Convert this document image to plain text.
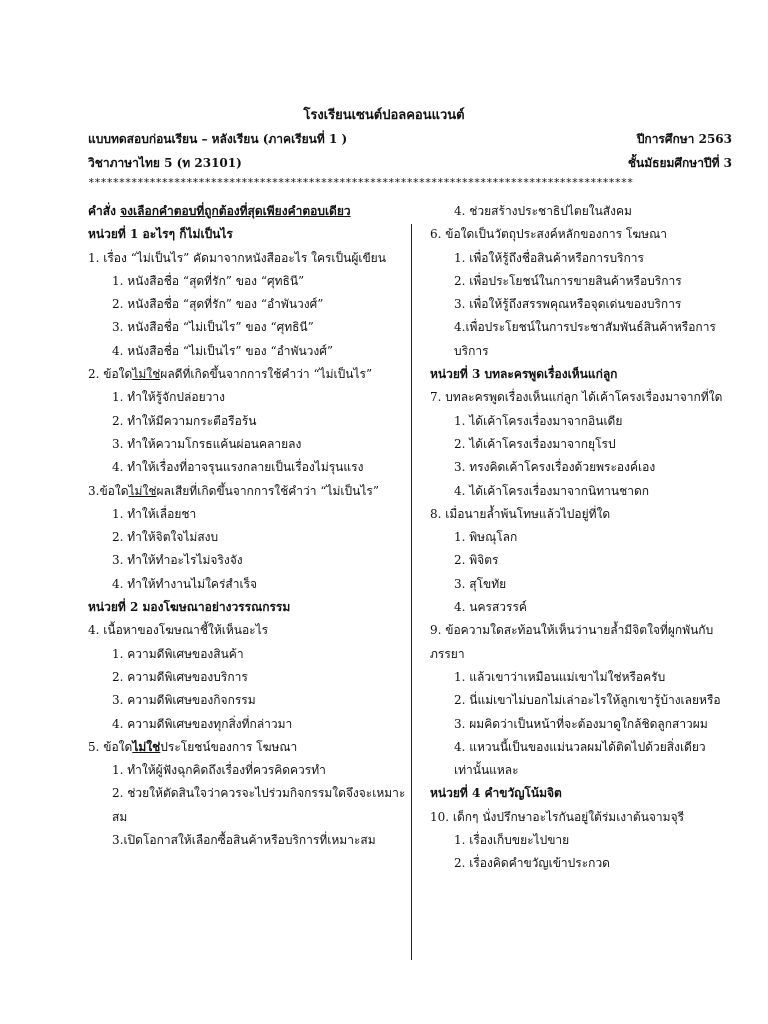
โรงเรียนเซนต์ปอลคอนแวนต์
แบบทดสอบก่อนเรียน – หลังเรียน (ภาคเรียนที่ 1 )	ปีการศึกษา 2563
วิชาภาษาไทย 5 (ท 23101)	ชั้นมัธยมศึกษาปีที่ 3
*****************************************************************************************

คำสั่ง จงเลือกคำตอบที่ถูกต้องที่สุดเพียงคำตอบเดียว

หน่วยที่ 1 อะไรๆ ก็ไม่เป็นไร

1. เรื่อง “ไม่เป็นไร” คัดมาจากหนังสืออะไร ใครเป็นผู้เขียน

1. หนังสือชื่อ “สุดที่รัก” ของ “ศุทธินี”

2. หนังสือชื่อ “สุดที่รัก” ของ “อำพันวงศ์”

3. หนังสือชื่อ “ไม่เป็นไร” ของ “ศุทธินี”

4. หนังสือชื่อ “ไม่เป็นไร” ของ “อำพันวงศ์”

2. ข้อใดไม่ใช่ผลดีที่เกิดขึ้นจากการใช้คำว่า “ไม่เป็นไร”

1. ทำให้รู้จักปล่อยวาง

2. ทำให้มีความกระตือรือร้น

3. ทำให้ความโกรธแค้นผ่อนคลายลง

4. ทำให้เรื่องที่อาจรุนแรงกลายเป็นเรื่องไม่รุนแรง

3.ข้อใดไม่ใช่ผลเสียที่เกิดขึ้นจากการใช้คำว่า “ไม่เป็นไร”

1. ทำให้เลื่อยชา

2. ทำให้จิตใจไม่สงบ

3. ทำให้ทำอะไรไม่จริงจัง

4. ทำให้ทำงานไม่ใคร่สำเร็จ

หน่วยที่ 2 มองโฆษณาอย่างวรรณกรรม

4. เนื้อหาของโฆษณาชี้ให้เห็นอะไร

1. ความดีพิเศษของสินค้า

2. ความดีพิเศษของบริการ

3. ความดีพิเศษของกิจกรรม

4. ความดีพิเศษของทุกสิ่งที่กล่าวมา

5. ข้อใดไม่ใช่ประโยชน์ของการ โฆษณา

1. ทำให้ผู้ฟังฉุกคิดถึงเรื่องที่ควรคิดควรทำ

2. ช่วยให้ตัดสินใจว่าควรจะไปร่วมกิจกรรมใดจึงจะเหมาะสม

3.เปิดโอกาสให้เลือกซื้อสินค้าหรือบริการที่เหมาะสม

4. ช่วยสร้างประชาธิปไตยในสังคม

6. ข้อใดเป็นวัตถุประสงค์หลักของการ โฆษณา

1. เพื่อให้รู้ถึงชื่อสินค้าหรือการบริการ

2. เพื่อประโยชน์ในการขายสินค้าหรือบริการ

3. เพื่อให้รู้ถึงสรรพคุณหรือจุดเด่นของบริการ

4.เพื่อประโยชน์ในการประชาสัมพันธ์สินค้าหรือการบริการ

หน่วยที่ 3 บทละครพูดเรื่องเห็นแก่ลูก

7. บทละครพูดเรื่องเห็นแก่ลูก ได้เค้าโครงเรื่องมาจากที่ใด

1. ได้เค้าโครงเรื่องมาจากอินเดีย

2. ได้เค้าโครงเรื่องมาจากยุโรป

3. ทรงคิดเค้าโครงเรื่องด้วยพระองค์เอง

4. ได้เค้าโครงเรื่องมาจากนิทานชาดก

8. เมื่อนายล้ำพ้นโทษแล้วไปอยู่ที่ใด

1. พิษณุโลก

2. พิจิตร

3. สุโขทัย

4. นครสวรรค์

9. ข้อความใดสะท้อนให้เห็นว่านายล้ำมีจิตใจที่ผูกพันกับภรรยา

1. แล้วเขาว่าเหมือนแม่เขาไม่ใช่หรือครับ

2. นี่แม่เขาไม่บอกไม่เล่าอะไรให้ลูกเขารู้บ้างเลยหรือ

3. ผมคิดว่าเป็นหน้าที่จะต้องมาดูใกล้ชิดลูกสาวผม

4. แหวนนี้เป็นของแม่นวลผมได้ติดไปด้วยสิ่งเดียวเท่านั้นแหละ

หน่วยที่ 4 คำขวัญโน้มจิต

10. เด็กๆ นั่งปรึกษาอะไรกันอยู่ใต้ร่มเงาต้นจามจุรี

1. เรื่องเก็บขยะไปขาย

2. เรื่องคิดคำขวัญเข้าประกวด
